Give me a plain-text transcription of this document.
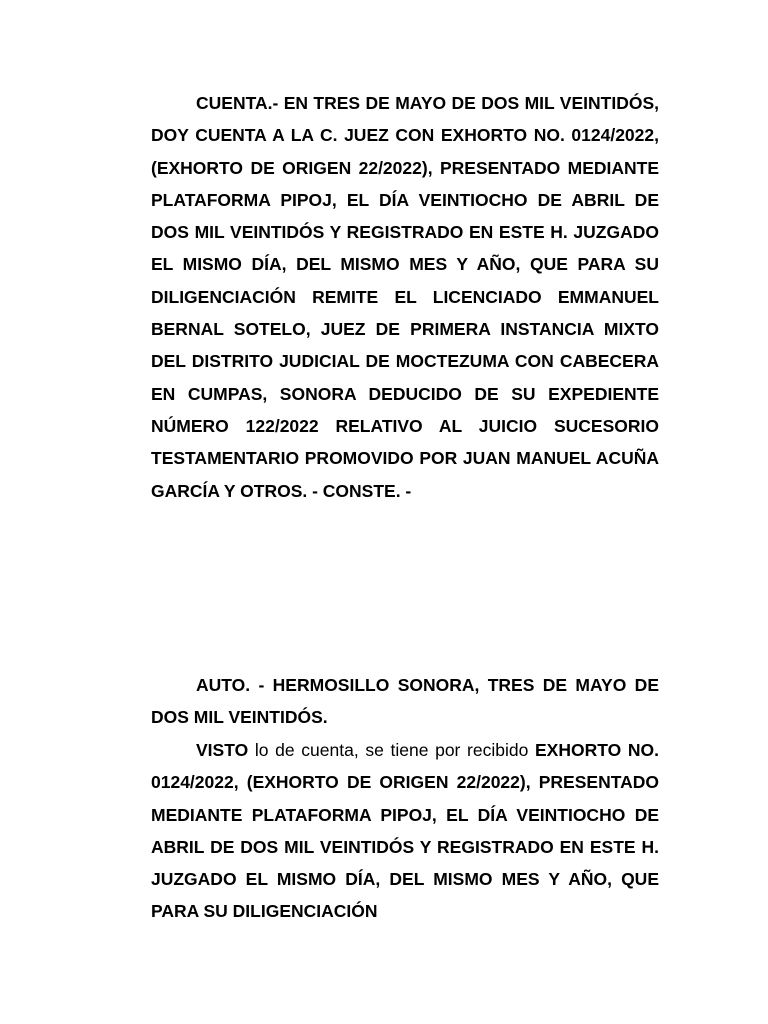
CUENTA.- EN TRES DE MAYO DE DOS MIL VEINTIDÓS, DOY CUENTA A LA C. JUEZ CON EXHORTO NO. 0124/2022, (EXHORTO DE ORIGEN 22/2022), PRESENTADO MEDIANTE PLATAFORMA PIPOJ, EL DÍA VEINTIOCHO DE ABRIL DE DOS MIL VEINTIDÓS Y REGISTRADO EN ESTE H. JUZGADO EL MISMO DÍA, DEL MISMO MES Y AÑO, QUE PARA SU DILIGENCIACIÓN REMITE EL LICENCIADO EMMANUEL BERNAL SOTELO, JUEZ DE PRIMERA INSTANCIA MIXTO DEL DISTRITO JUDICIAL DE MOCTEZUMA CON CABECERA EN CUMPAS, SONORA DEDUCIDO DE SU EXPEDIENTE NÚMERO 122/2022 RELATIVO AL JUICIO SUCESORIO TESTAMENTARIO PROMOVIDO POR JUAN MANUEL ACUÑA GARCÍA Y OTROS. - CONSTE. -

AUTO. - HERMOSILLO SONORA, TRES DE MAYO DE DOS MIL VEINTIDÓS.

VISTO lo de cuenta, se tiene por recibido EXHORTO NO. 0124/2022, (EXHORTO DE ORIGEN 22/2022), PRESENTADO MEDIANTE PLATAFORMA PIPOJ, EL DÍA VEINTIOCHO DE ABRIL DE DOS MIL VEINTIDÓS Y REGISTRADO EN ESTE H. JUZGADO EL MISMO DÍA, DEL MISMO MES Y AÑO, QUE PARA SU DILIGENCIACIÓN
